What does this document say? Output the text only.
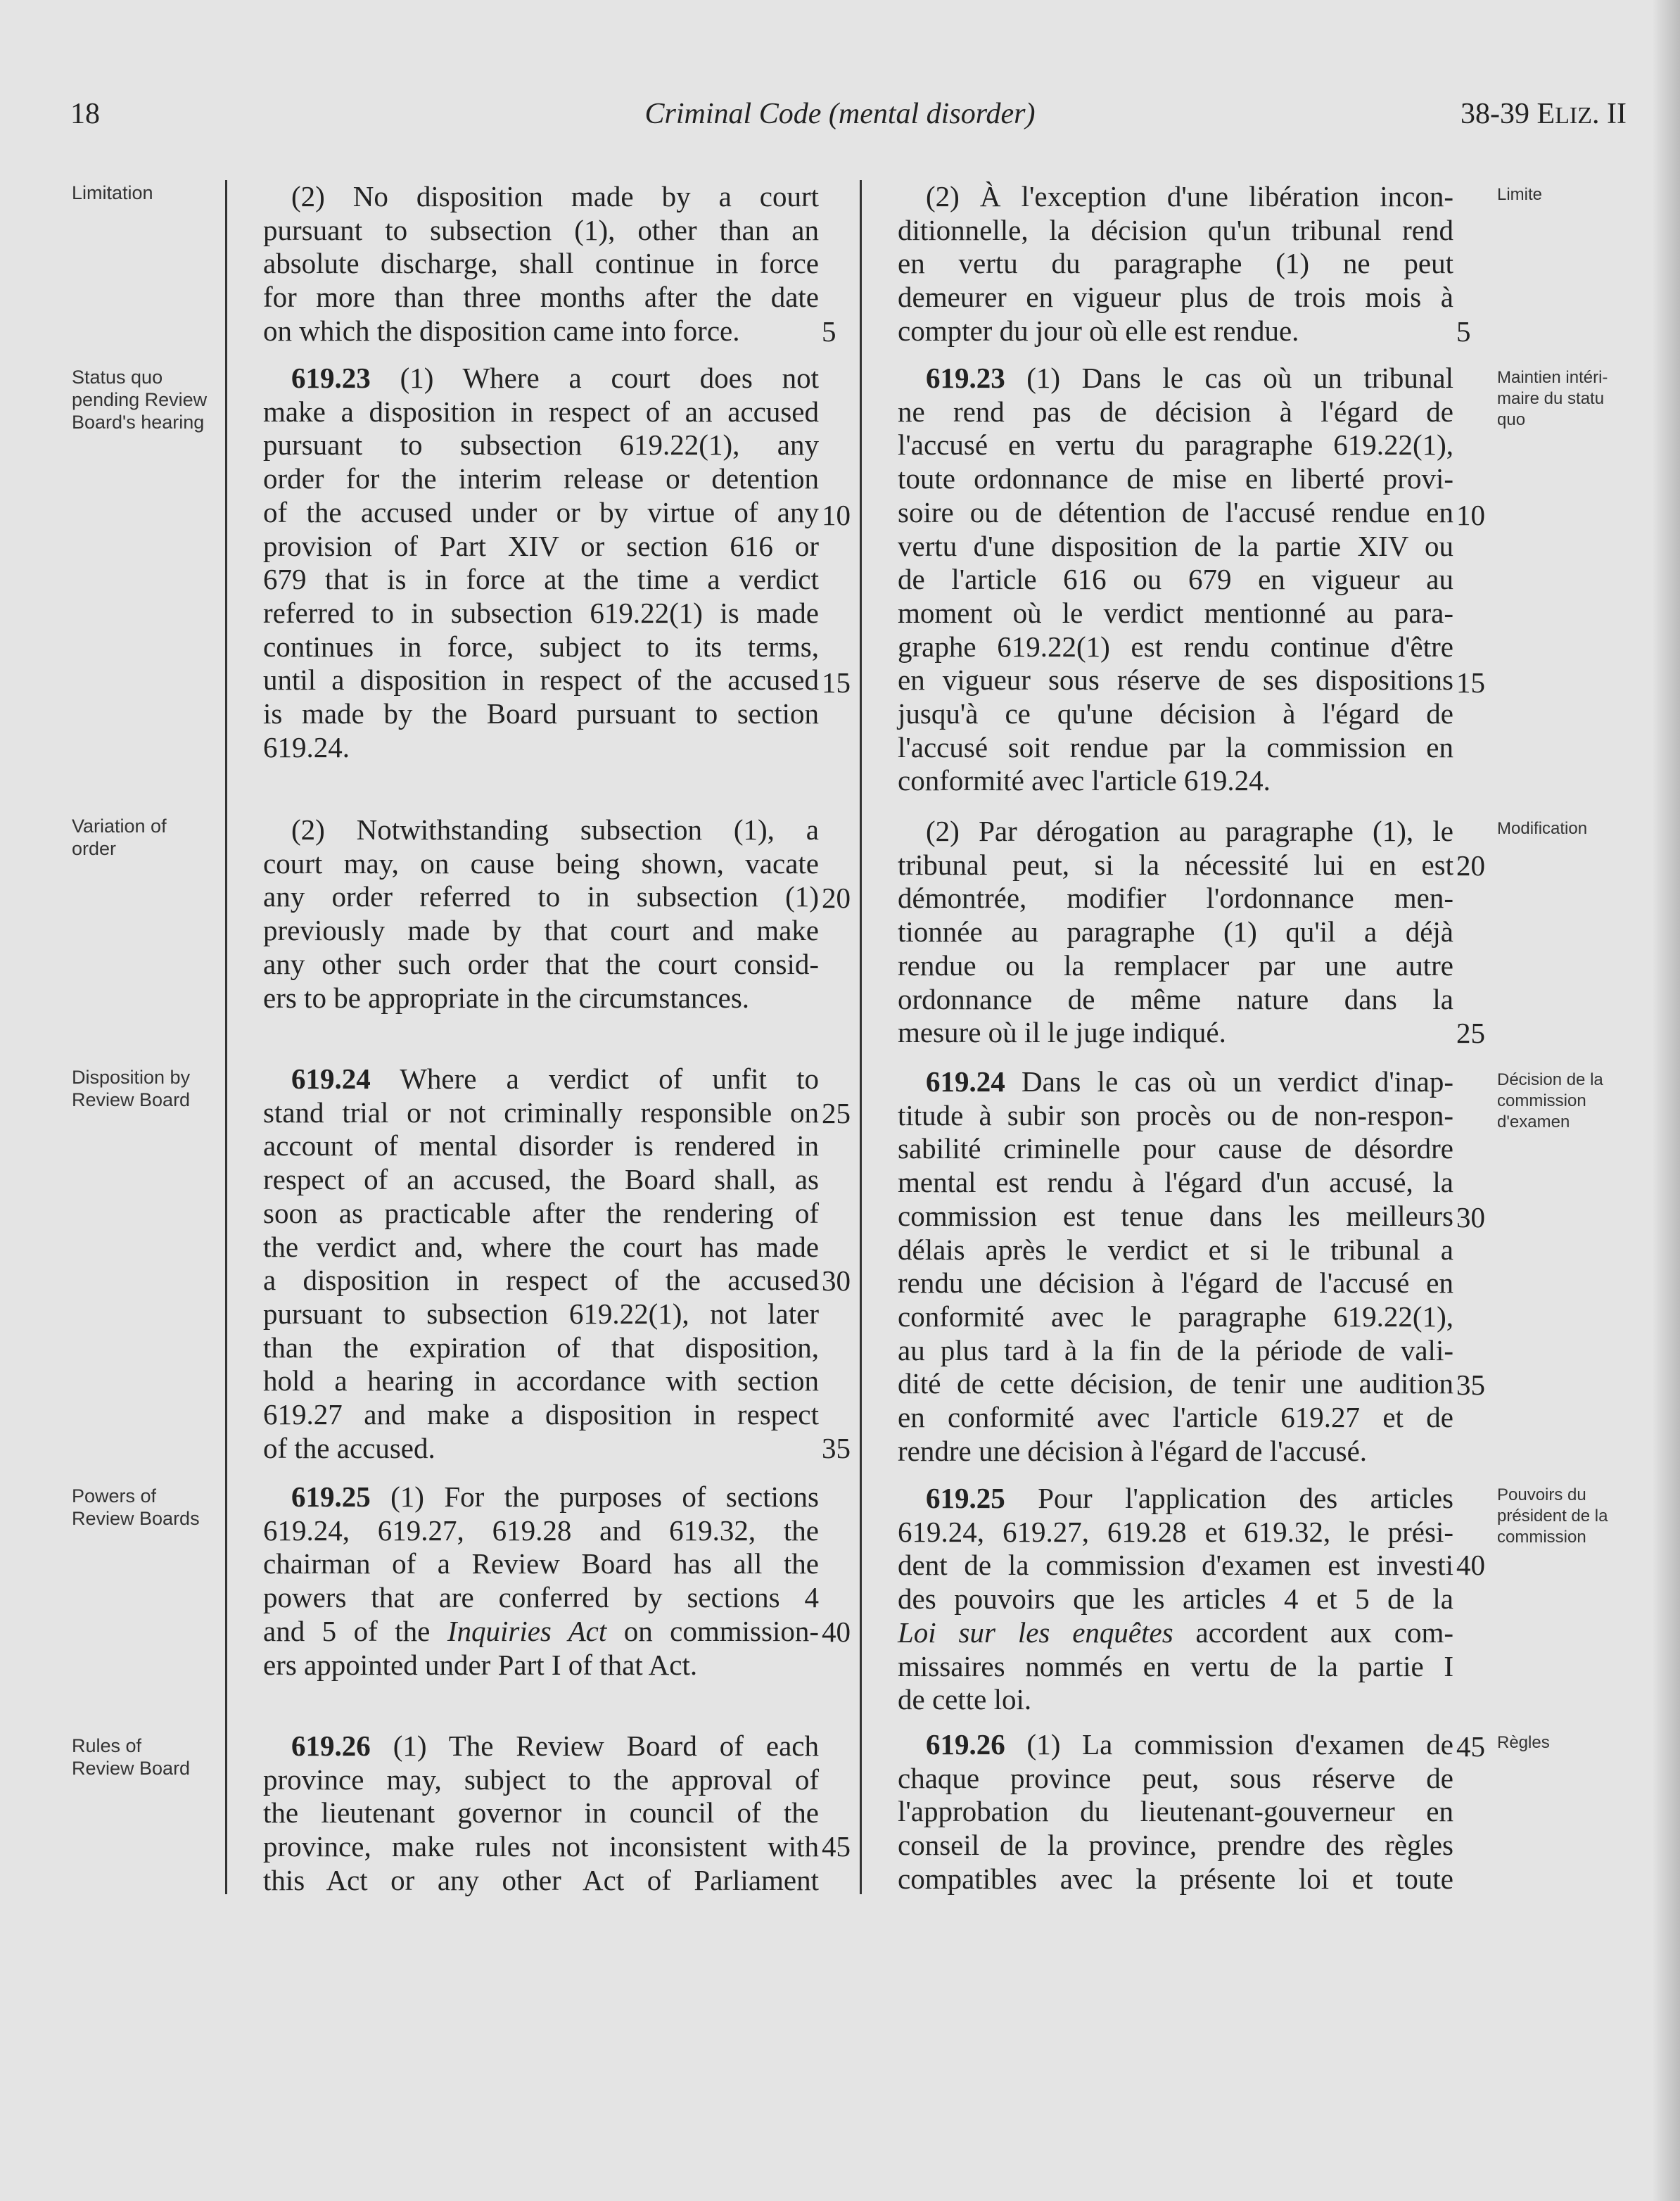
18	Criminal Code (mental disorder)	38-39 ELIZ. II
Limitation
Status quo
pending Review
Board's hearing
Variation of
order
Disposition by
Review Board
Powers of
Review Boards
Rules of
Review Board
Limite
Maintien intéri-
maire du statu
quo
Modification
Décision de la
commission
d'examen
Pouvoirs du
président de la
commission
Règles
(2) No disposition made by a court
pursuant to subsection (1), other than an
absolute discharge, shall continue in force
for more than three months after the date
on which the disposition came into force.
619.23 (1) Where a court does not
make a disposition in respect of an accused
pursuant to subsection 619.22(1), any
order for the interim release or detention
of the accused under or by virtue of any
provision of Part XIV or section 616 or
679 that is in force at the time a verdict
referred to in subsection 619.22(1) is made
continues in force, subject to its terms,
until a disposition in respect of the accused
is made by the Board pursuant to section
619.24.
(2) Notwithstanding subsection (1), a
court may, on cause being shown, vacate
any order referred to in subsection (1)
previously made by that court and make
any other such order that the court consid-
ers to be appropriate in the circumstances.
619.24 Where a verdict of unfit to
stand trial or not criminally responsible on
account of mental disorder is rendered in
respect of an accused, the Board shall, as
soon as practicable after the rendering of
the verdict and, where the court has made
a disposition in respect of the accused
pursuant to subsection 619.22(1), not later
than the expiration of that disposition,
hold a hearing in accordance with section
619.27 and make a disposition in respect
of the accused.
619.25 (1) For the purposes of sections
619.24, 619.27, 619.28 and 619.32, the
chairman of a Review Board has all the
powers that are conferred by sections 4
and 5 of the Inquiries Act on commission-
ers appointed under Part I of that Act.
619.26 (1) The Review Board of each
province may, subject to the approval of
the lieutenant governor in council of the
province, make rules not inconsistent with
this Act or any other Act of Parliament
(2) À l'exception d'une libération incon-
ditionnelle, la décision qu'un tribunal rend
en vertu du paragraphe (1) ne peut
demeurer en vigueur plus de trois mois à
compter du jour où elle est rendue.
619.23 (1) Dans le cas où un tribunal
ne rend pas de décision à l'égard de
l'accusé en vertu du paragraphe 619.22(1),
toute ordonnance de mise en liberté provi-
soire ou de détention de l'accusé rendue en
vertu d'une disposition de la partie XIV ou
de l'article 616 ou 679 en vigueur au
moment où le verdict mentionné au para-
graphe 619.22(1) est rendu continue d'être
en vigueur sous réserve de ses dispositions
jusqu'à ce qu'une décision à l'égard de
l'accusé soit rendue par la commission en
conformité avec l'article 619.24.
(2) Par dérogation au paragraphe (1), le
tribunal peut, si la nécessité lui en est
démontrée, modifier l'ordonnance men-
tionnée au paragraphe (1) qu'il a déjà
rendue ou la remplacer par une autre
ordonnance de même nature dans la
mesure où il le juge indiqué.
619.24 Dans le cas où un verdict d'inap-
titude à subir son procès ou de non-respon-
sabilité criminelle pour cause de désordre
mental est rendu à l'égard d'un accusé, la
commission est tenue dans les meilleurs
délais après le verdict et si le tribunal a
rendu une décision à l'égard de l'accusé en
conformité avec le paragraphe 619.22(1),
au plus tard à la fin de la période de vali-
dité de cette décision, de tenir une audition
en conformité avec l'article 619.27 et de
rendre une décision à l'égard de l'accusé.
619.25 Pour l'application des articles
619.24, 619.27, 619.28 et 619.32, le prési-
dent de la commission d'examen est investi
des pouvoirs que les articles 4 et 5 de la
Loi sur les enquêtes accordent aux com-
missaires nommés en vertu de la partie I
de cette loi.
619.26 (1) La commission d'examen de
chaque province peut, sous réserve de
l'approbation du lieutenant-gouverneur en
conseil de la province, prendre des règles
compatibles avec la présente loi et toute
5
10
15
20
25
30
35
40
45
5
10
15
20
25
30
35
40
45
